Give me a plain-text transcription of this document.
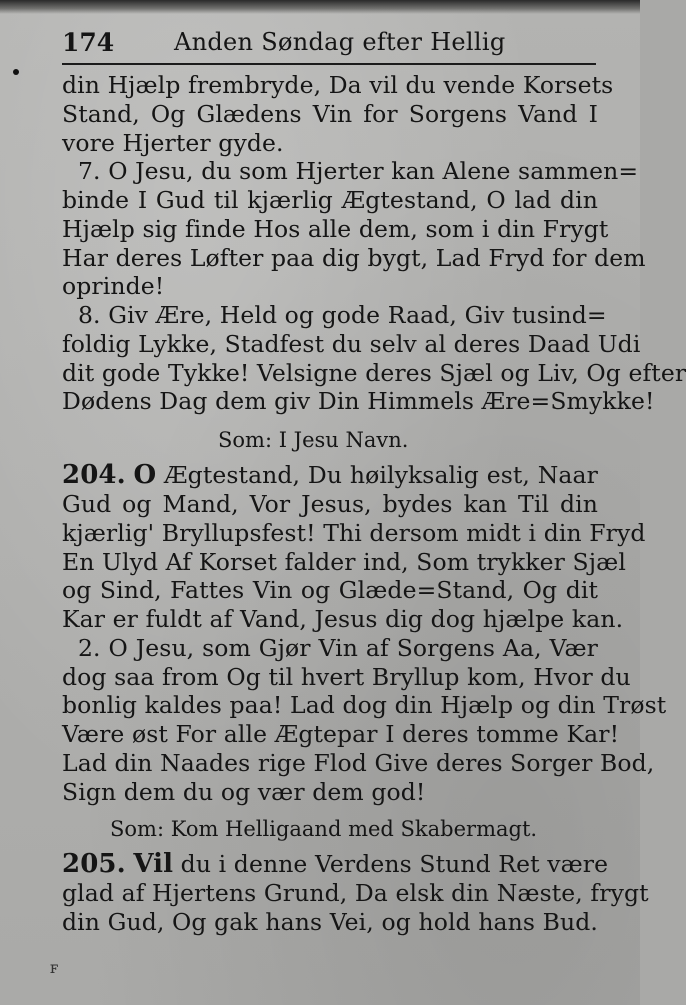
174 Anden Søndag efter Hellig
din Hjælp frembryde, Da vil du vende Korsets
Stand, Og Glædens Vin for Sorgens Vand I
vore Hjerter gyde.
7. O Jesu, du som Hjerter kan Alene sammen=
binde I Gud til kjærlig Ægtestand, O lad din
Hjælp sig finde Hos alle dem, som i din Frygt
Har deres Løfter paa dig bygt, Lad Fryd for dem
oprinde!
8. Giv Ære, Held og gode Raad, Giv tusind=
foldig Lykke, Stadfest du selv al deres Daad Udi
dit gode Tykke! Velsigne deres Sjæl og Liv, Og efter
Dødens Dag dem giv Din Himmels Ære=Smykke!
Som: I Jesu Navn.
204. O Ægtestand, Du høilyksalig est, Naar
Gud og Mand, Vor Jesus, bydes kan Til din
kjærlig' Bryllupsfest! Thi dersom midt i din Fryd
En Ulyd Af Korset falder ind, Som trykker Sjæl
og Sind, Fattes Vin og Glæde=Stand, Og dit
Kar er fuldt af Vand, Jesus dig dog hjælpe kan.
2. O Jesu, som Gjør Vin af Sorgens Aa, Vær
dog saa from Og til hvert Bryllup kom, Hvor du
bonlig kaldes paa! Lad dog din Hjælp og din Trøst
Være øst For alle Ægtepar I deres tomme Kar!
Lad din Naades rige Flod Give deres Sorger Bod,
Sign dem du og vær dem god!
Som: Kom Helligaand med Skabermagt.
205. Vil du i denne Verdens Stund Ret være
glad af Hjertens Grund, Da elsk din Næste, frygt
din Gud, Og gak hans Vei, og hold hans Bud.
ꜰ
